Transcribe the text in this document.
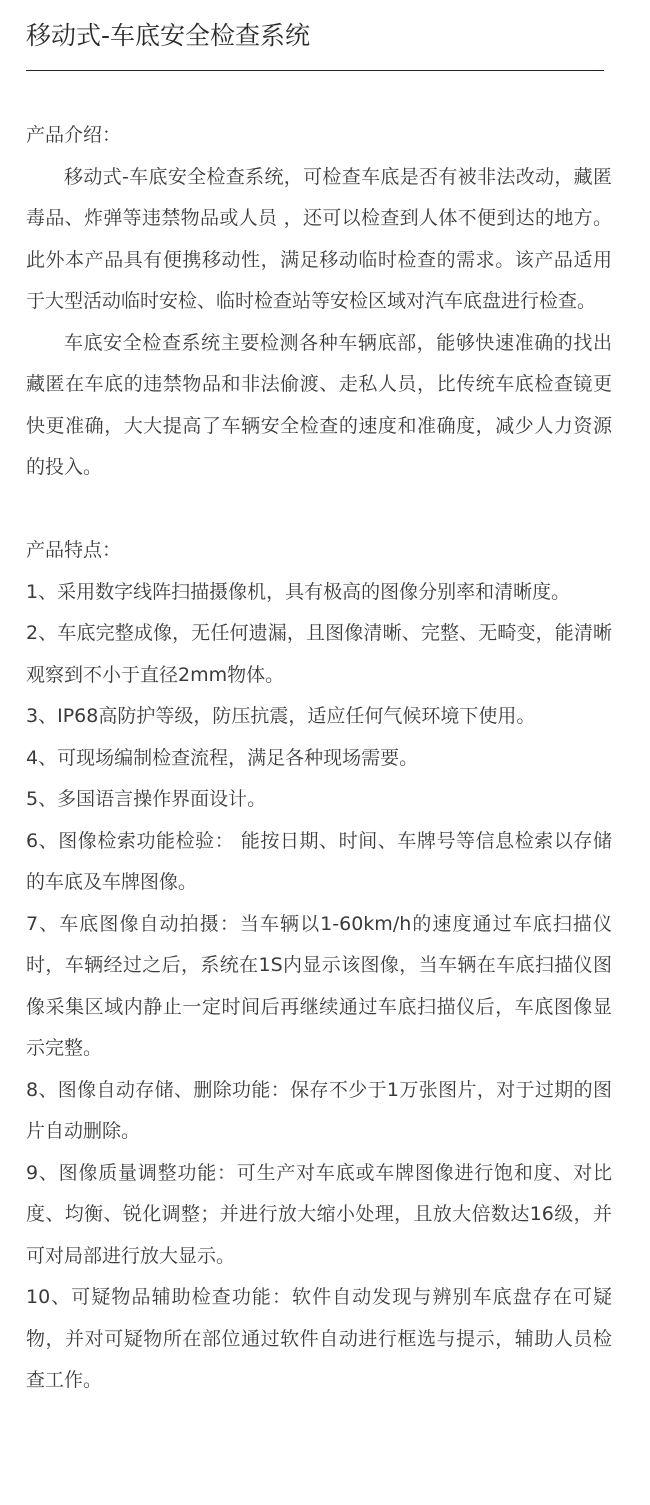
移动式-车底安全检查系统

产品介绍：

移动式-车底安全检查系统，可检查车底是否有被非法改动，藏匿毒品、炸弹等违禁物品或人员 ，还可以检查到人体不便到达的地方。此外本产品具有便携移动性，满足移动临时检查的需求。该产品适用于大型活动临时安检、临时检查站等安检区域对汽车底盘进行检查。

车底安全检查系统主要检测各种车辆底部，能够快速准确的找出藏匿在车底的违禁物品和非法偷渡、走私人员，比传统车底检查镜更快更准确，大大提高了车辆安全检查的速度和准确度，减少人力资源的投入。

产品特点：

1、采用数字线阵扫描摄像机，具有极高的图像分别率和清晰度。
2、车底完整成像，无任何遗漏，且图像清晰、完整、无畸变，能清晰观察到不小于直径2mm物体。
3、IP68高防护等级，防压抗震，适应任何气候环境下使用。
4、可现场编制检查流程，满足各种现场需要。
5、多国语言操作界面设计。
6、图像检索功能检验： 能按日期、时间、车牌号等信息检索以存储的车底及车牌图像。
7、车底图像自动拍摄：当车辆以1-60km/h的速度通过车底扫描仪时，车辆经过之后，系统在1S内显示该图像，当车辆在车底扫描仪图像采集区域内静止一定时间后再继续通过车底扫描仪后，车底图像显示完整。
8、图像自动存储、删除功能：保存不少于1万张图片，对于过期的图片自动删除。
9、图像质量调整功能：可生产对车底或车牌图像进行饱和度、对比度、均衡、锐化调整；并进行放大缩小处理，且放大倍数达16级，并可对局部进行放大显示。
10、可疑物品辅助检查功能：软件自动发现与辨别车底盘存在可疑物，并对可疑物所在部位通过软件自动进行框选与提示，辅助人员检查工作。
